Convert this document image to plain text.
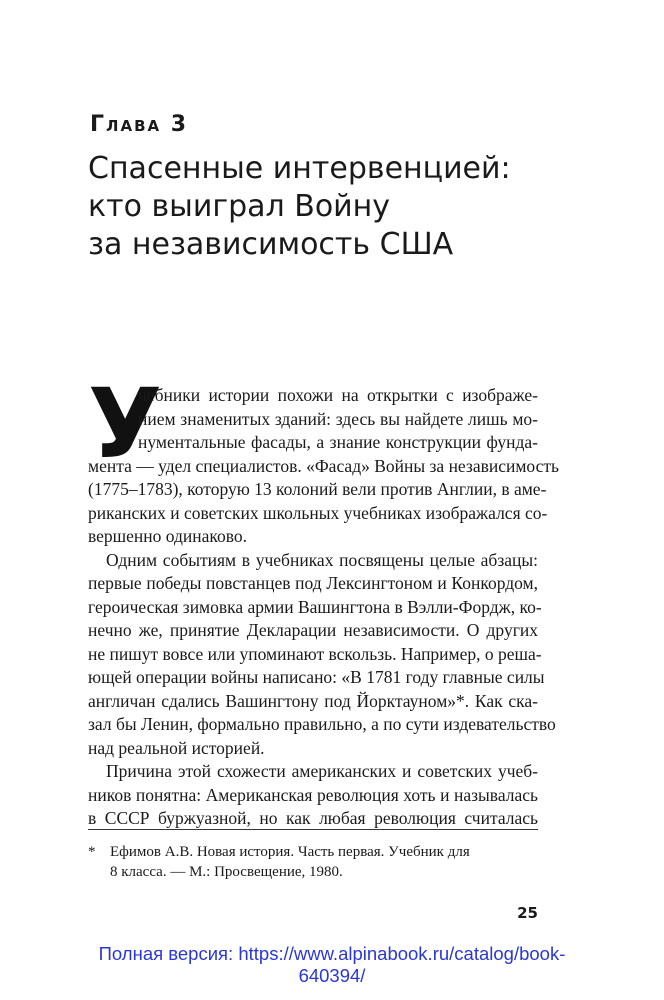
Глава 3
Спасенные интервенцией:
кто выиграл Войну
за независимость США
У
чебники истории похожи на открытки с изображе-
нием знаменитых зданий: здесь вы найдете лишь мо-
нументальные фасады, а знание конструкции фунда-
мента — удел специалистов. «Фасад» Войны за независимость
(1775–1783), которую 13 колоний вели против Англии, в аме-
риканских и советских школьных учебниках изображался со-
вершенно одинаково.
Одним событиям в учебниках посвящены целые абзацы:
первые победы повстанцев под Лексингтоном и Конкордом,
героическая зимовка армии Вашингтона в Вэлли-Фордж, ко-
нечно же, принятие Декларации независимости. О других
не пишут вовсе или упоминают вскользь. Например, о реша-
ющей операции войны написано: «В 1781 году главные силы
англичан сдались Вашингтону под Йорктауном»*. Как ска-
зал бы Ленин, формально правильно, а по сути издевательство
над реальной историей.
Причина этой схожести американских и советских учеб-
ников понятна: Американская революция хоть и называлась
в СССР буржуазной, но как любая революция считалась
* Ефимов А.В. Новая история. Часть первая. Учебник для
8 класса. — М.: Просвещение, 1980.
25
Полная версия: https://www.alpinabook.ru/catalog/book-
640394/
